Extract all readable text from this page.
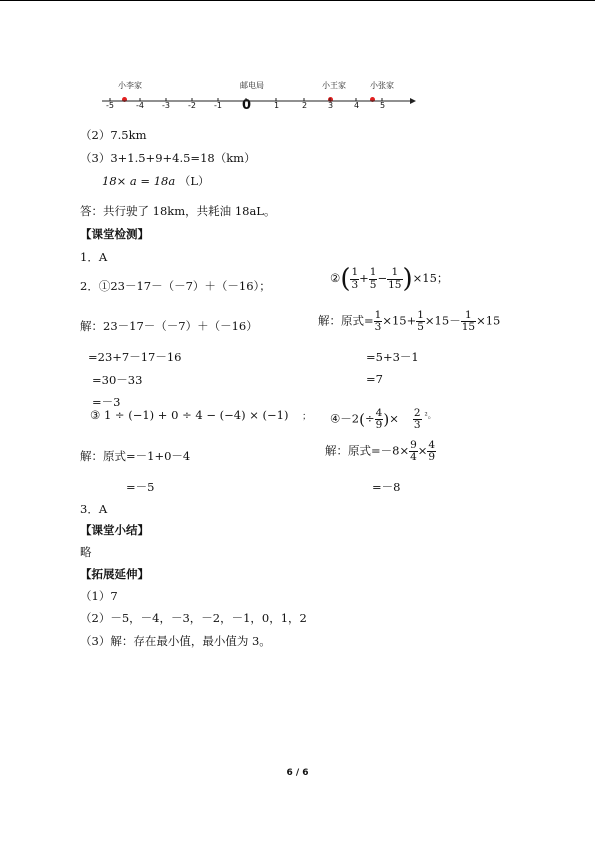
小李家	邮电局	小王家	小张家
-5	-4 -3 -2 -1 0	1	2	3	4	5
（2）7.5km
（3）3+1.5+9+4.5=18（km）
18× a = 18a （L）
答：共行驶了 18km，共耗油 18aL。
【课堂检测】
1．A
2．①23－17－（－7）＋（－16）；
②( $\frac{1}{3} + \frac{1}{5} - \frac{1}{15} )\times 15$；
解：23－17－（－7）＋（－16）	解：原式= $\frac{1}{3} \times 15+ \frac{1}{5} \times 15- \frac{1}{15} \times 15$
=23+7－17－16
=30－33
=－3
=5+3－1
=7
③ 1 ÷ (−1) + 0 ÷ 4 − (−4) × (−1) ； ④－2(÷ $\frac{4}{9}$ )× $\frac{2}{3} ^{^2。}$
解：原式=－1+0－4	解：原式$=-8\times \frac{9}{4} \times \frac{4}{9}$
=－5	=－8
3．A
【课堂小结】
略
【拓展延伸】
（1）7
（2）－5，－4，－3，－2，－1，0，1，2
（3）解：存在最小值，最小值为 3。
6 / 6
